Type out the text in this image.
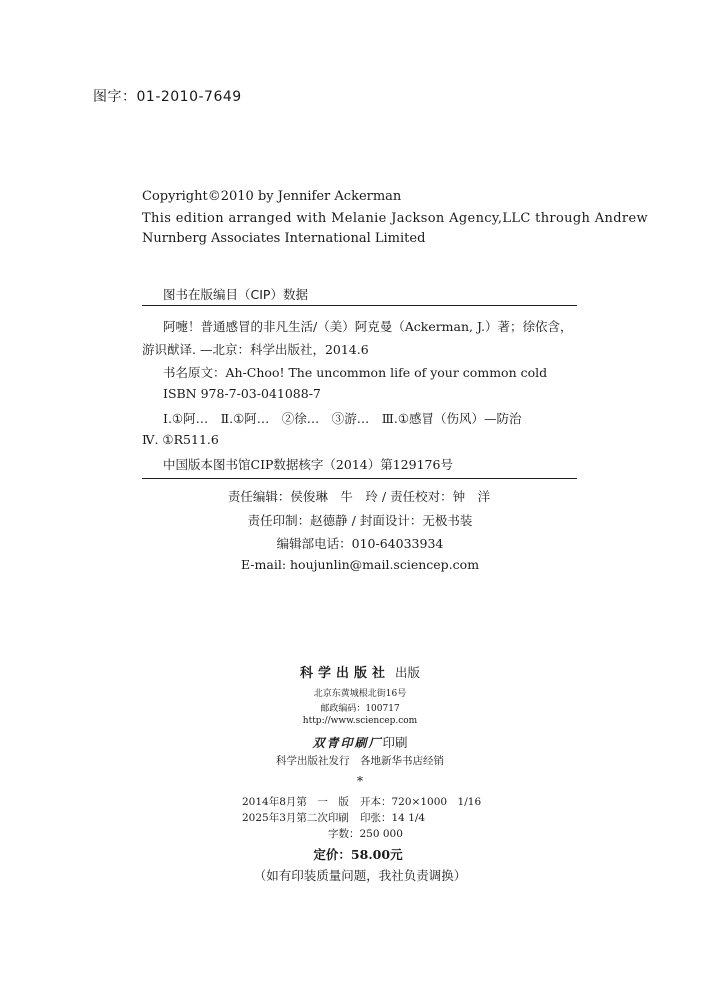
图字：01-2010-7649
Copyright©2010 by Jennifer Ackerman
This edition arranged with Melanie Jackson Agency,LLC through Andrew
Nurnberg Associates International Limited
图书在版编目（CIP）数据
阿嚏！普通感冒的非凡生活/（美）阿克曼（Ackerman, J.）著；徐依含，
游识猷译. —北京：科学出版社，2014.6
书名原文：Ah-Choo! The uncommon life of your common cold
ISBN 978-7-03-041088-7
Ⅰ.①阿…　Ⅱ.①阿…　②徐…　③游…　Ⅲ.①感冒（伤风）—防治
Ⅳ. ①R511.6
中国版本图书馆CIP数据核字（2014）第129176号
责任编辑：侯俊琳　牛　玲 / 责任校对：钟　洋
责任印制：赵德静 / 封面设计：无极书装
编辑部电话：010-64033934
E-mail: houjunlin@mail.sciencep.com
科学出版社 出版
北京东黄城根北街16号
邮政编码：100717
http://www.sciencep.com
双青印刷厂印刷
科学出版社发行　各地新华书店经销
*
2014年8月第　一　版 开本：720×1000　1/16
2025年3月第二次印刷 印张：14 1/4
字数：250 000
定价：58.00元
（如有印装质量问题，我社负责调换）
